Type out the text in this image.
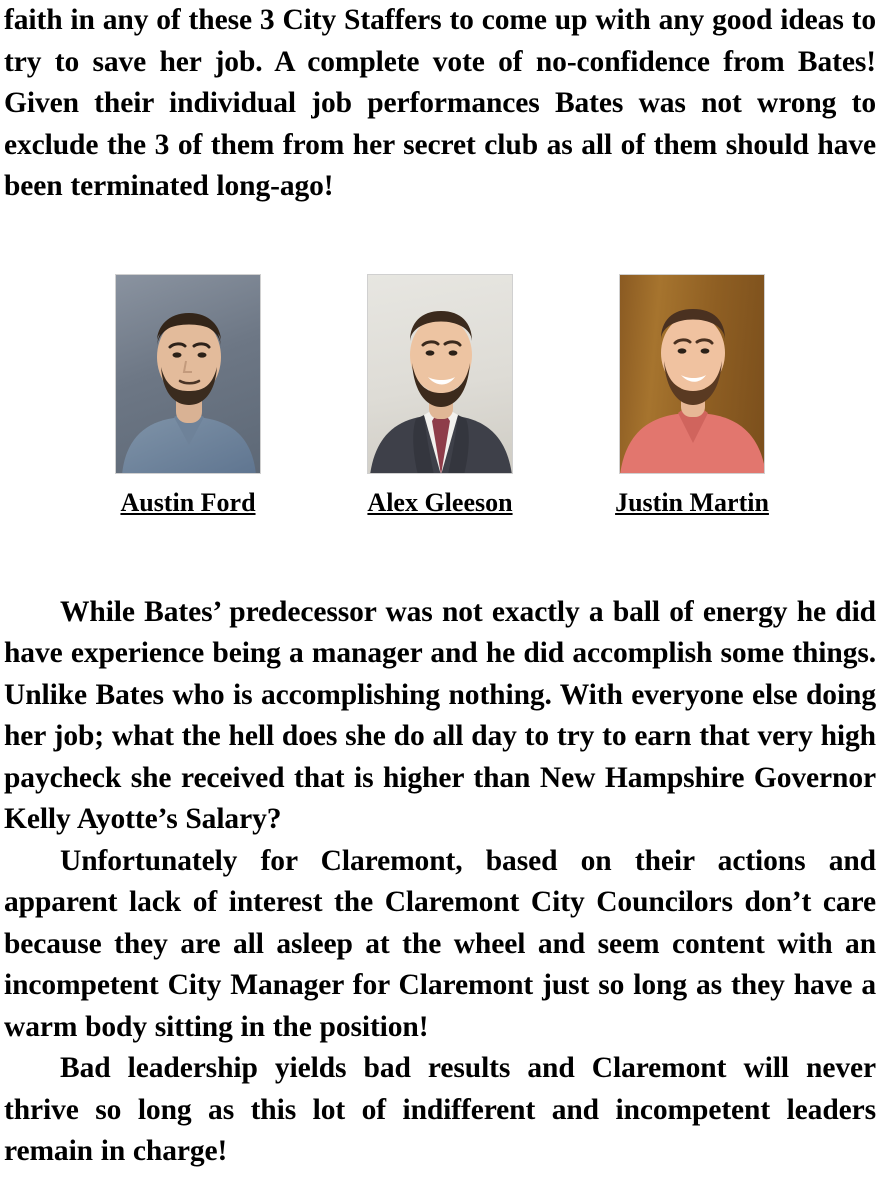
faith in any of these 3 City Staffers to come up with any good ideas to try to save her job. A complete vote of no-confidence from Bates! Given their individual job performances Bates was not wrong to exclude the 3 of them from her secret club as all of them should have been terminated long-ago!

Austin Ford	Alex Gleeson	Justin Martin

While Bates’ predecessor was not exactly a ball of energy he did have experience being a manager and he did accomplish some things. Unlike Bates who is accomplishing nothing. With everyone else doing her job; what the hell does she do all day to try to earn that very high paycheck she received that is higher than New Hampshire Governor Kelly Ayotte’s Salary?

Unfortunately for Claremont, based on their actions and apparent lack of interest the Claremont City Councilors don’t care because they are all asleep at the wheel and seem content with an incompetent City Manager for Claremont just so long as they have a warm body sitting in the position!

Bad leadership yields bad results and Claremont will never thrive so long as this lot of indifferent and incompetent leaders remain in charge!
